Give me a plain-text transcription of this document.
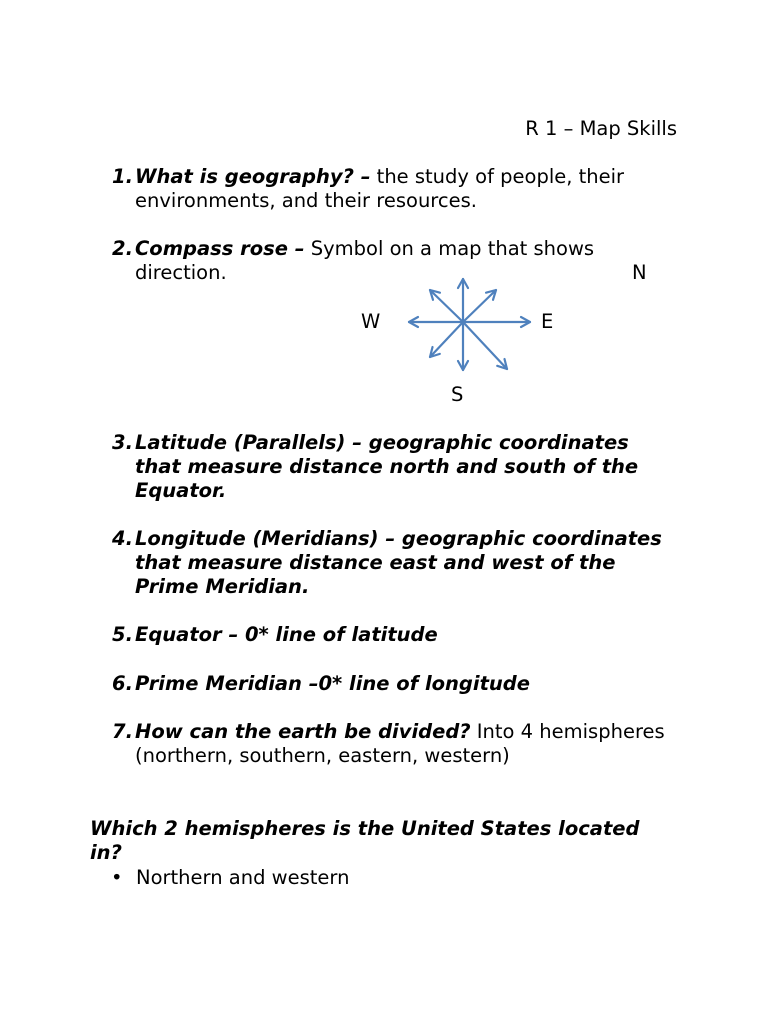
R 1 – Map Skills
1. What is geography? – the study of people, their environments, and their resources.
2. Compass rose – Symbol on a map that shows direction.	N
W	E
S
3. Latitude (Parallels) – geographic coordinates that measure distance north and south of the Equator.
4. Longitude (Meridians) – geographic coordinates that measure distance east and west of the Prime Meridian.
5. Equator – 0* line of latitude
6. Prime Meridian –0* line of longitude
7. How can the earth be divided? Into 4 hemispheres (northern, southern, eastern, western)
Which 2 hemispheres is the United States located in?
• Northern and western
